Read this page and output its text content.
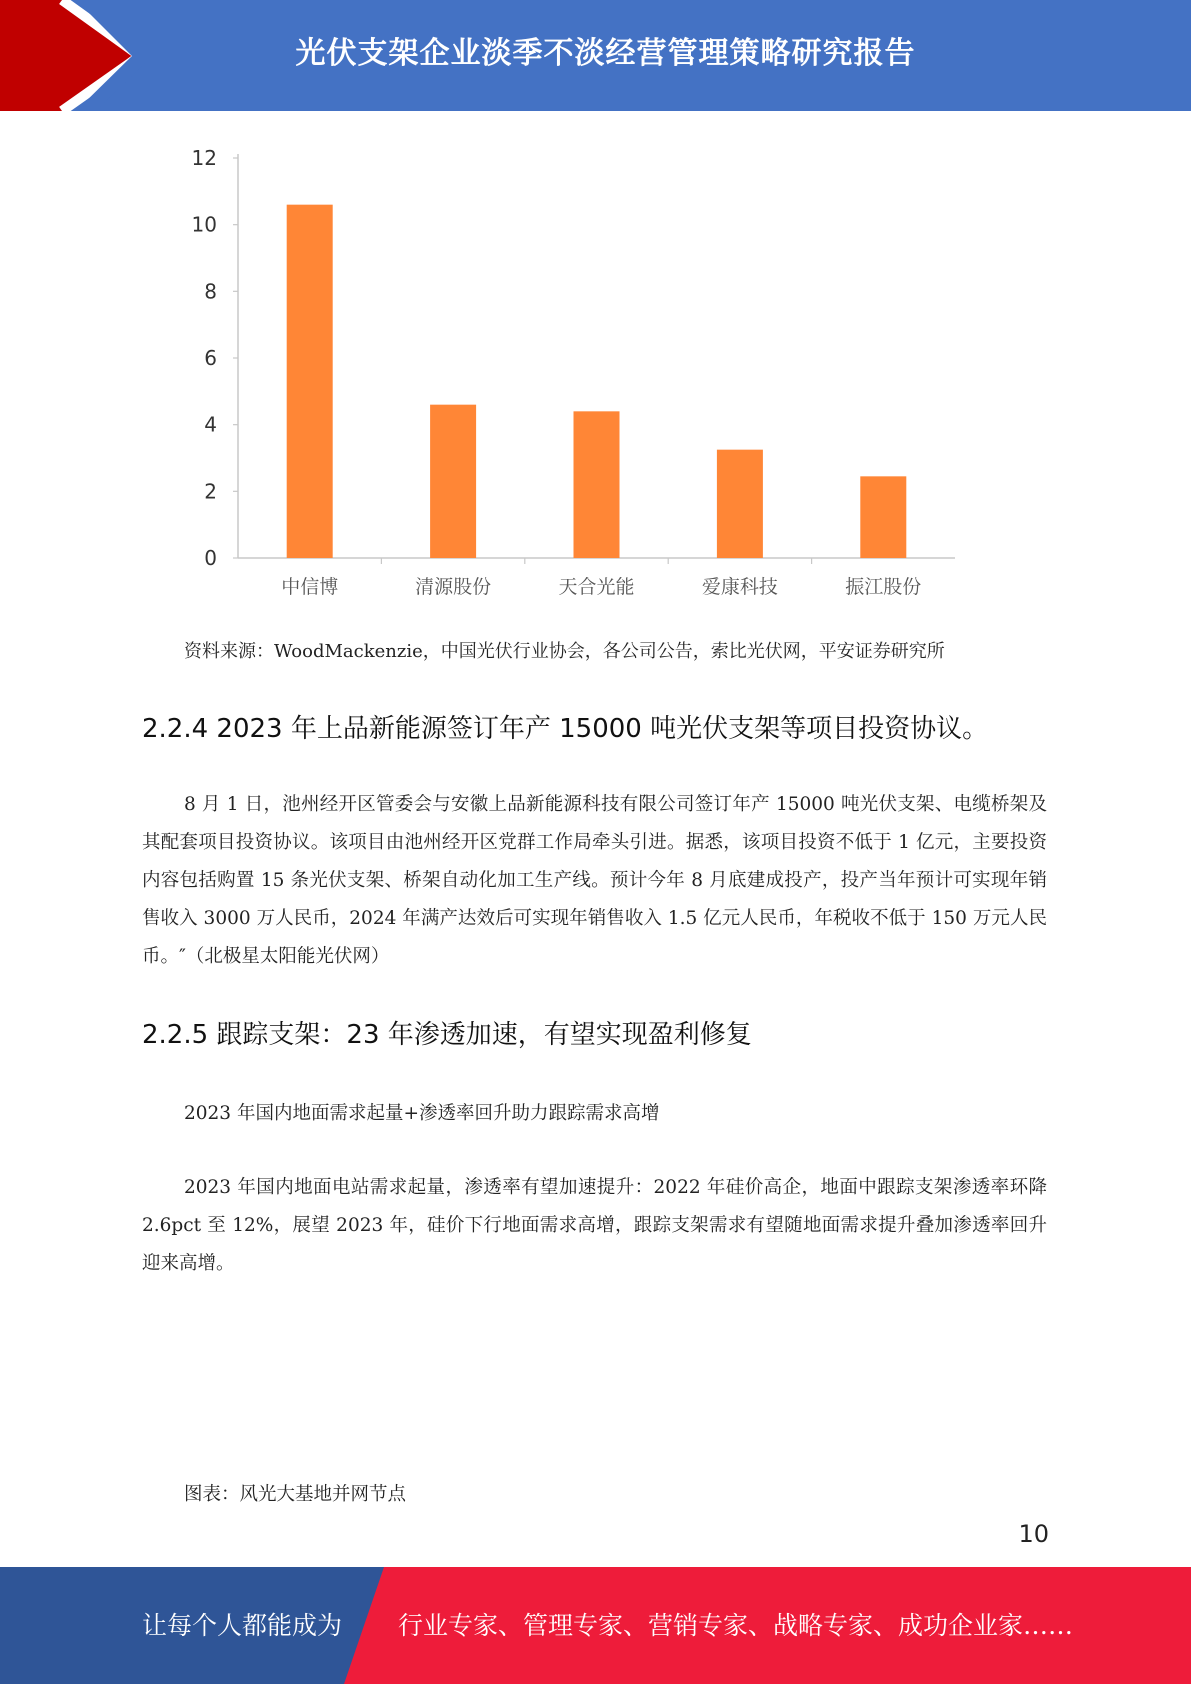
光伏支架企业淡季不淡经营管理策略研究报告
0
2
4
6
8
10
12
中信博	清源股份	天合光能	爱康科技	振江股份
资料来源：WoodMackenzie，中国光伏行业协会，各公司公告，索比光伏网，平安证券研究所
2.2.4 2023 年上品新能源签订年产 15000 吨光伏支架等项目投资协议。
8 月 1 日，池州经开区管委会与安徽上品新能源科技有限公司签订年产 15000 吨光伏支架、电缆桥架及其配套项目投资协议。该项目由池州经开区党群工作局牵头引进。据悉，该项目投资不低于 1 亿元，主要投资内容包括购置 15 条光伏支架、桥架自动化加工生产线。预计今年 8 月底建成投产，投产当年预计可实现年销售收入 3000 万人民币，2024 年满产达效后可实现年销售收入 1.5 亿元人民币，年税收不低于 150 万元人民币。″（北极星太阳能光伏网）
2.2.5 跟踪支架：23 年渗透加速，有望实现盈利修复
2023 年国内地面需求起量+渗透率回升助力跟踪需求高增
2023 年国内地面电站需求起量，渗透率有望加速提升：2022 年硅价高企，地面中跟踪支架渗透率环降 2.6pct 至 12%，展望 2023 年，硅价下行地面需求高增，跟踪支架需求有望随地面需求提升叠加渗透率回升迎来高增。
图表：风光大基地并网节点
10
让每个人都能成为 行业专家、管理专家、营销专家、战略专家、成功企业家……
